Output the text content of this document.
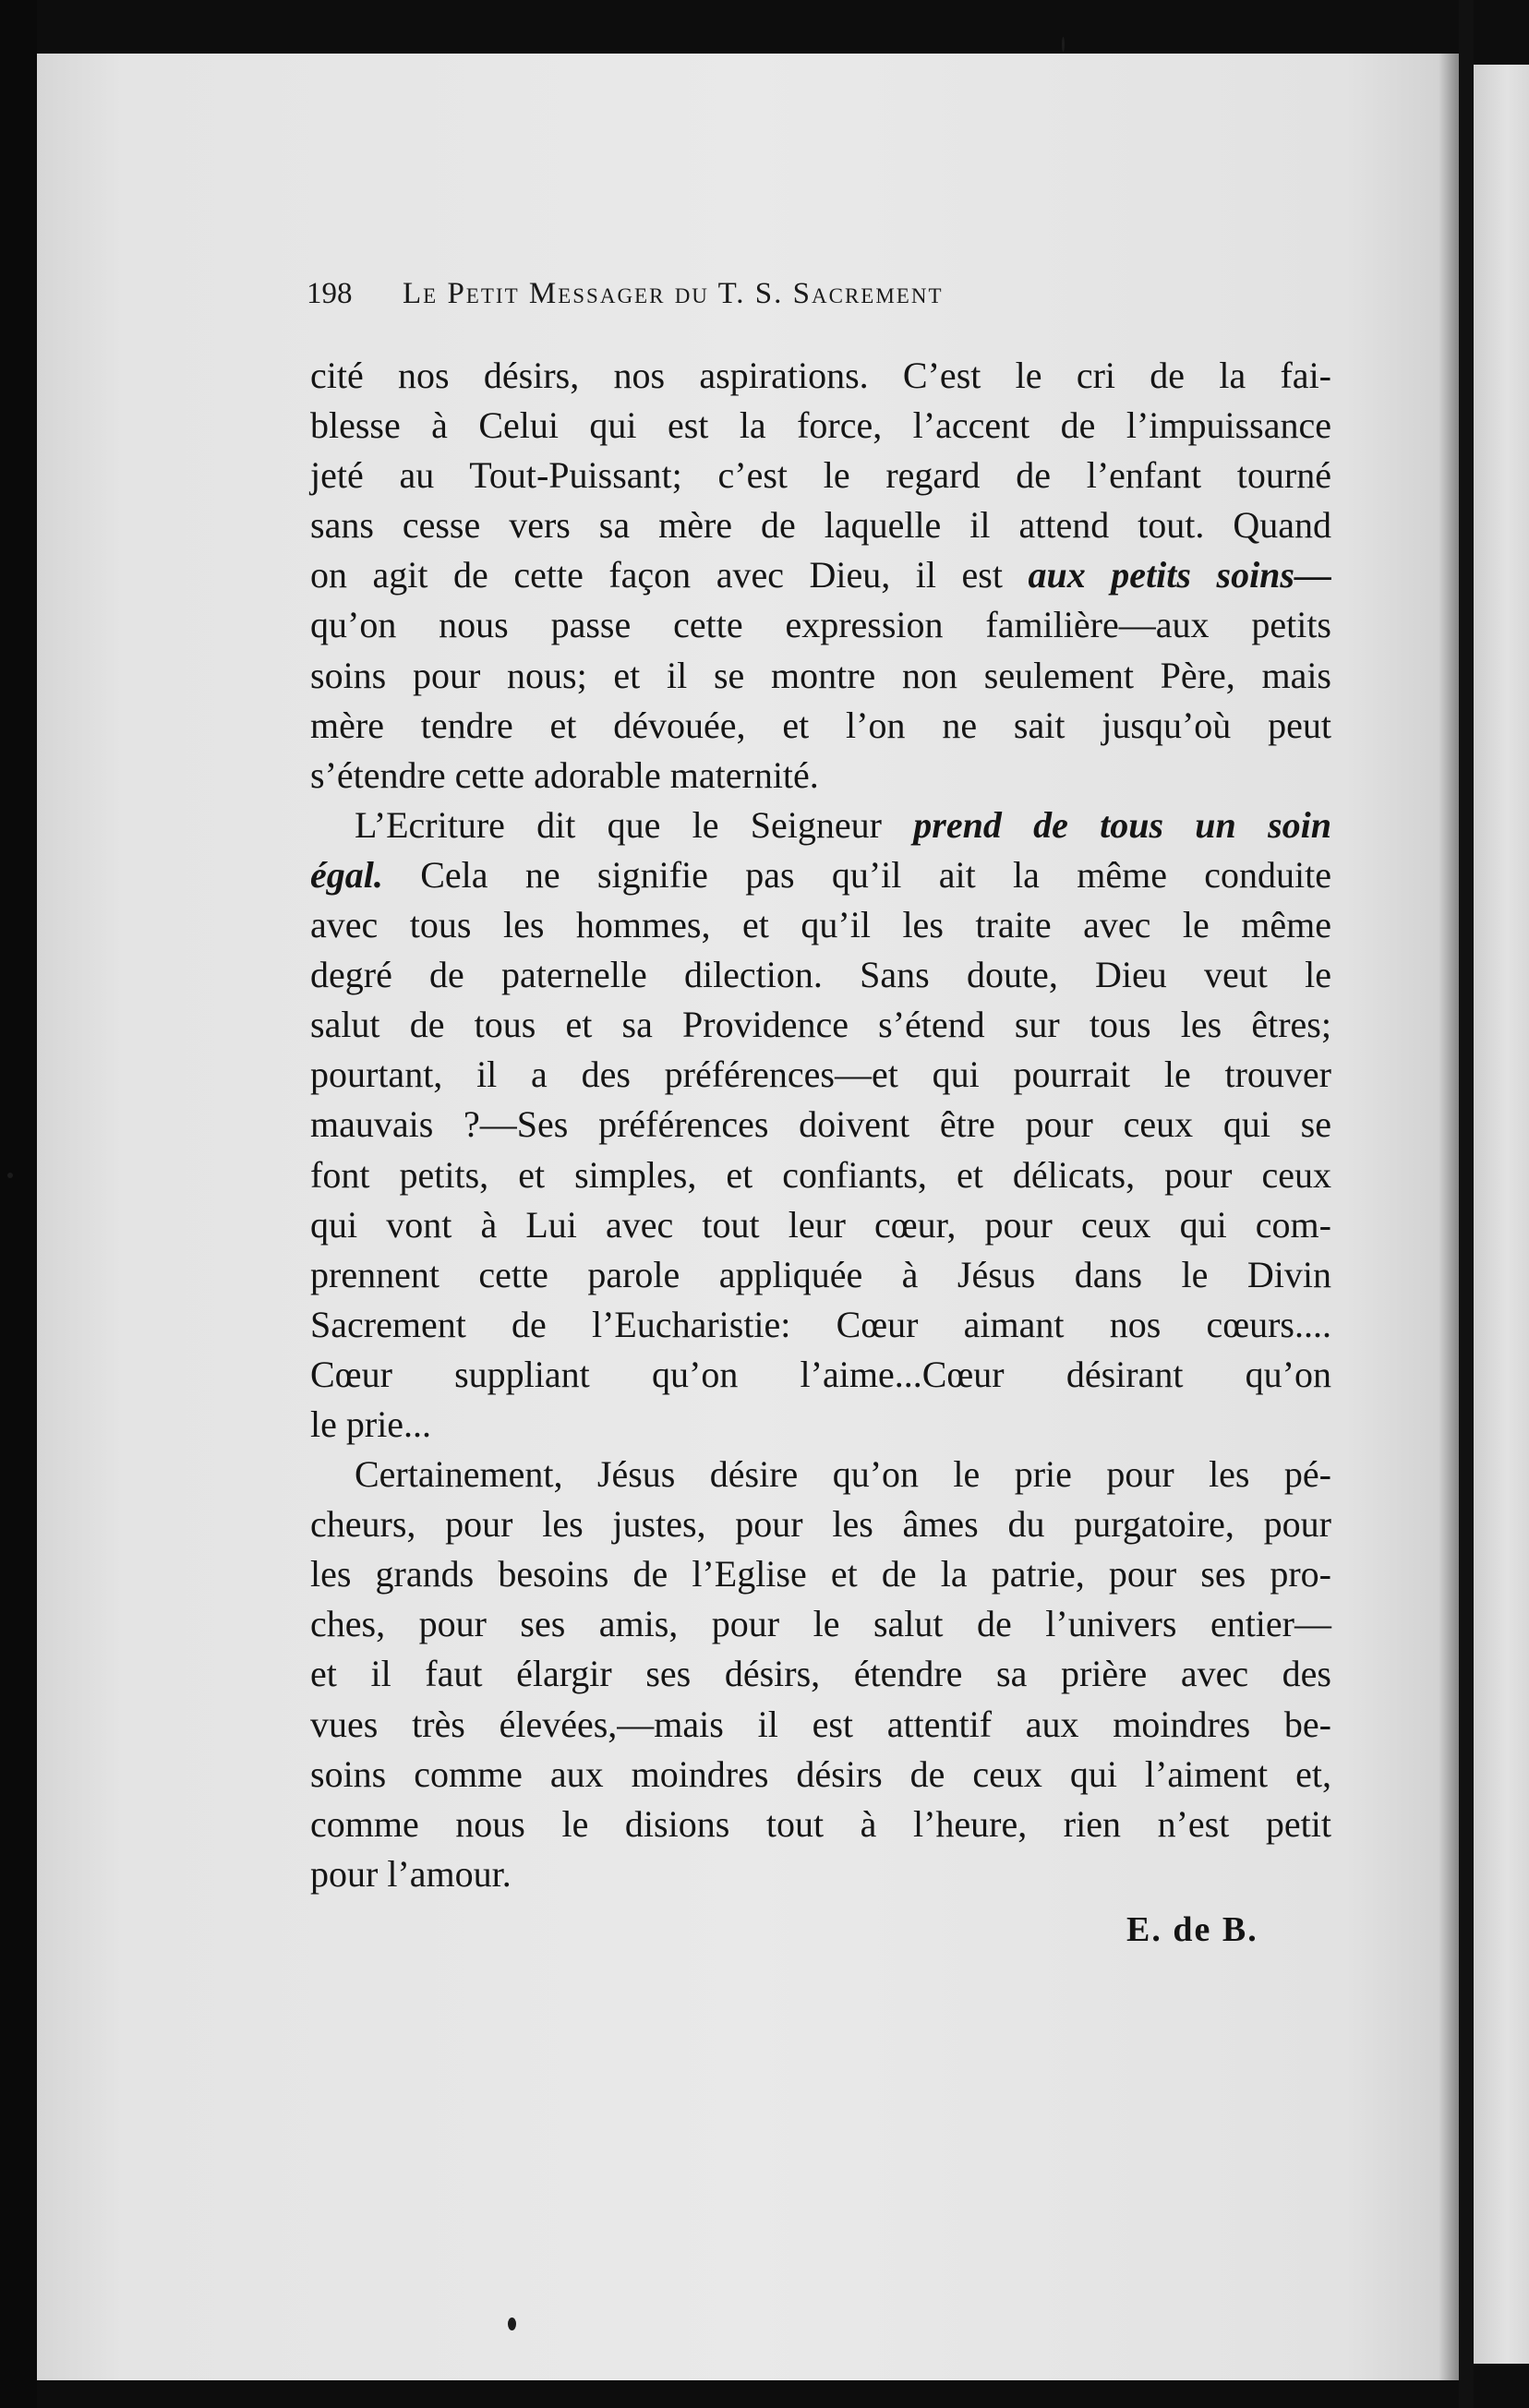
198 Le Petit Messager du T. S. Sacrement
cité nos désirs, nos aspirations. C’est le cri de la fai-
blesse à Celui qui est la force, l’accent de l’impuissance
jeté au Tout-Puissant; c’est le regard de l’enfant tourné
sans cesse vers sa mère de laquelle il attend tout. Quand
on agit de cette façon avec Dieu, il est aux petits soins—
qu’on nous passe cette expression familière—aux petits
soins pour nous; et il se montre non seulement Père, mais
mère tendre et dévouée, et l’on ne sait jusqu’où peut
s’étendre cette adorable maternité.
L’Ecriture dit que le Seigneur prend de tous un soin
égal. Cela ne signifie pas qu’il ait la même conduite
avec tous les hommes, et qu’il les traite avec le même
degré de paternelle dilection. Sans doute, Dieu veut le
salut de tous et sa Providence s’étend sur tous les êtres;
pourtant, il a des préférences—et qui pourrait le trouver
mauvais ?—Ses préférences doivent être pour ceux qui se
font petits, et simples, et confiants, et délicats, pour ceux
qui vont à Lui avec tout leur cœur, pour ceux qui com-
prennent cette parole appliquée à Jésus dans le Divin
Sacrement de l’Eucharistie: Cœur aimant nos cœurs....
Cœur suppliant qu’on l’aime...Cœur désirant qu’on
le prie...
Certainement, Jésus désire qu’on le prie pour les pé-
cheurs, pour les justes, pour les âmes du purgatoire, pour
les grands besoins de l’Eglise et de la patrie, pour ses pro-
ches, pour ses amis, pour le salut de l’univers entier—
et il faut élargir ses désirs, étendre sa prière avec des
vues très élevées,—mais il est attentif aux moindres be-
soins comme aux moindres désirs de ceux qui l’aiment et,
comme nous le disions tout à l’heure, rien n’est petit
pour l’amour.
E. de B.
